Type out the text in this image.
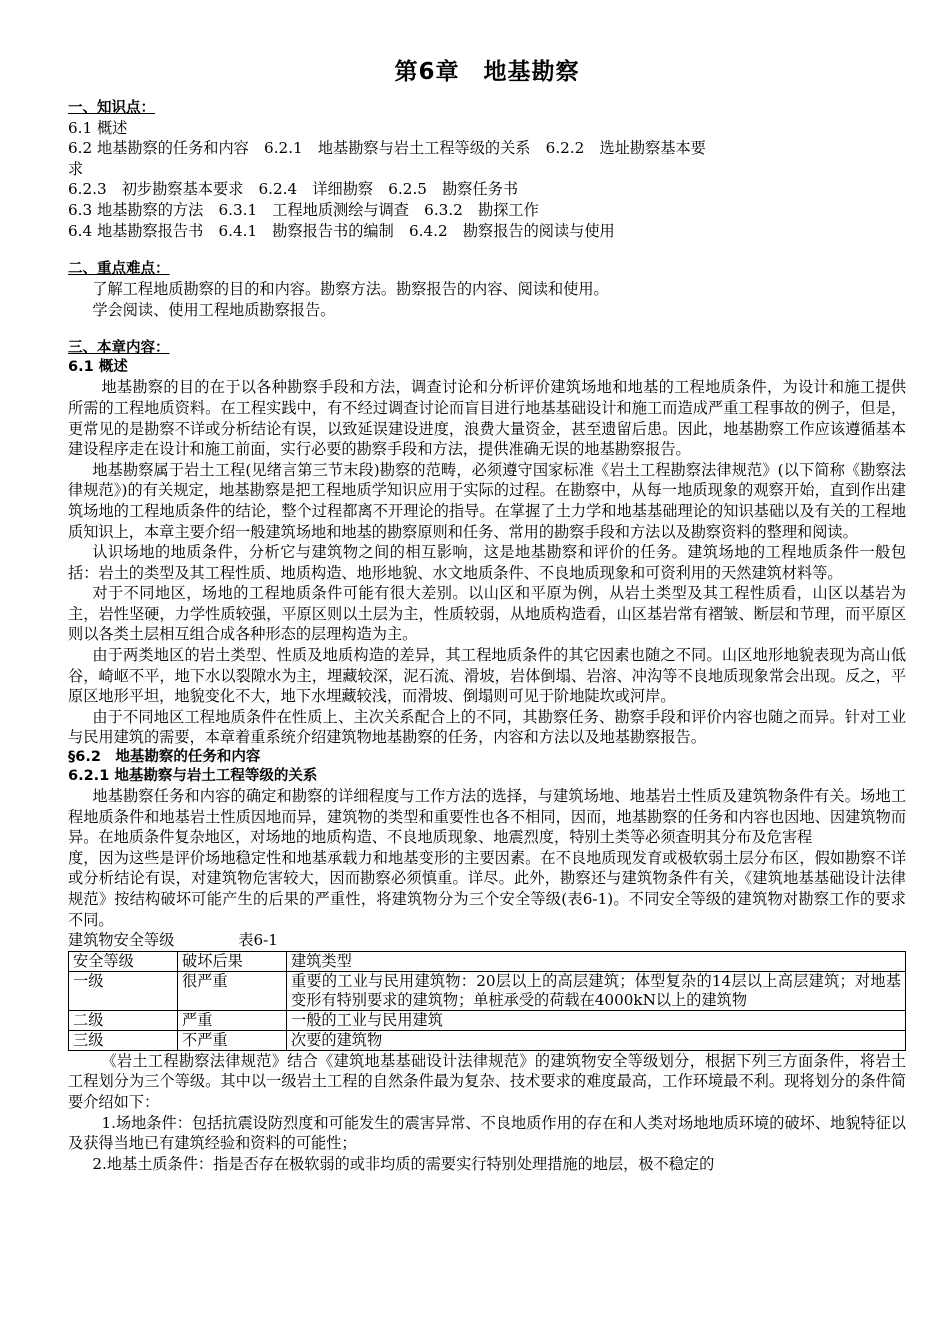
第6章　地基勘察
一、知识点：
6.1 概述
6.2 地基勘察的任务和内容　6.2.1　地基勘察与岩土工程等级的关系　6.2.2　选址勘察基本要
求
6.2.3　初步勘察基本要求　6.2.4　详细勘察　6.2.5　勘察任务书
6.3 地基勘察的方法　6.3.1　工程地质测绘与调查　6.3.2　勘探工作
6.4 地基勘察报告书　6.4.1　勘察报告书的编制　6.4.2　勘察报告的阅读与使用
二、重点难点：
了解工程地质勘察的目的和内容。勘察方法。勘察报告的内容、阅读和使用。
学会阅读、使用工程地质勘察报告。
三、本章内容：
6.1 概述

地基勘察的目的在于以各种勘察手段和方法，调查讨论和分析评价建筑场地和地基的工程地质条件，为设计和施工提供所需的工程地质资料。在工程实践中，有不经过调查讨论而盲目进行地基基础设计和施工而造成严重工程事故的例子，但是，更常见的是勘察不详或分析结论有误，以致延误建设进度，浪费大量资金，甚至遗留后患。因此，地基勘察工作应该遵循基本建设程序走在设计和施工前面，实行必要的勘察手段和方法，提供准确无误的地基勘察报告。

地基勘察属于岩土工程(见绪言第三节末段)勘察的范畴，必须遵守国家标准《岩土工程勘察法律规范》(以下简称《勘察法律规范》)的有关规定，地基勘察是把工程地质学知识应用于实际的过程。在勘察中，从每一地质现象的观察开始，直到作出建筑场地的工程地质条件的结论，整个过程都离不开理论的指导。在掌握了土力学和地基基础理论的知识基础以及有关的工程地质知识上，本章主要介绍一般建筑场地和地基的勘察原则和任务、常用的勘察手段和方法以及勘察资料的整理和阅读。

认识场地的地质条件，分析它与建筑物之间的相互影响，这是地基勘察和评价的任务。建筑场地的工程地质条件一般包括：岩土的类型及其工程性质、地质构造、地形地貌、水文地质条件、不良地质现象和可资利用的天然建筑材料等。

对于不同地区，场地的工程地质条件可能有很大差别。以山区和平原为例，从岩土类型及其工程性质看，山区以基岩为主，岩性坚硬，力学性质较强，平原区则以土层为主，性质较弱，从地质构造看，山区基岩常有褶皱、断层和节理，而平原区则以各类土层相互组合成各种形态的层理构造为主。

由于两类地区的岩土类型、性质及地质构造的差异，其工程地质条件的其它因素也随之不同。山区地形地貌表现为高山低谷，崎岖不平，地下水以裂隙水为主，埋藏较深，泥石流、滑坡，岩体倒塌、岩溶、冲沟等不良地质现象常会出现。反之，平原区地形平坦，地貌变化不大，地下水埋藏较浅，而滑坡、倒塌则可见于阶地陡坎或河岸。

由于不同地区工程地质条件在性质上、主次关系配合上的不同，其勘察任务、勘察手段和评价内容也随之而异。针对工业与民用建筑的需要，本章着重系统介绍建筑物地基勘察的任务，内容和方法以及地基勘察报告。

§6.2　地基勘察的任务和内容
6.2.1 地基勘察与岩土工程等级的关系

地基勘察任务和内容的确定和勘察的详细程度与工作方法的选择，与建筑场地、地基岩土性质及建筑物条件有关。场地工程地质条件和地基岩土性质因地而异，建筑物的类型和重要性也各不相同，因而，地基勘察的任务和内容也因地、因建筑物而异。在地质条件复杂地区，对场地的地质构造、不良地质现象、地震烈度，特别土类等必须查明其分布及危害程

度，因为这些是评价场地稳定性和地基承载力和地基变形的主要因素。在不良地质现发育或极软弱土层分布区，假如勘察不详或分析结论有误，对建筑物危害较大，因而勘察必须慎重。详尽。此外，勘察还与建筑物条件有关，《建筑地基基础设计法律规范》按结构破坏可能产生的后果的严重性，将建筑物分为三个安全等级(表6-1)。不同安全等级的建筑物对勘察工作的要求不同。

建筑物安全等级	表6-1
安全等级	破坏后果	建筑类型
一级	很严重	重要的工业与民用建筑物：20层以上的高层建筑；体型复杂的14层以上高层建筑；对地基变形有特别要求的建筑物；单桩承受的荷载在4000kN以上的建筑物
二级	严重	一般的工业与民用建筑
三级	不严重	次要的建筑物

《岩土工程勘察法律规范》结合《建筑地基基础设计法律规范》的建筑物安全等级划分，根据下列三方面条件，将岩土工程划分为三个等级。其中以一级岩土工程的自然条件最为复杂、技术要求的难度最高，工作环境最不利。现将划分的条件简要介绍如下：

1.场地条件：包括抗震设防烈度和可能发生的震害异常、不良地质作用的存在和人类对场地地质环境的破坏、地貌特征以及获得当地已有建筑经验和资料的可能性；

2.地基土质条件：指是否存在极软弱的或非均质的需要实行特别处理措施的地层，极不稳定的
